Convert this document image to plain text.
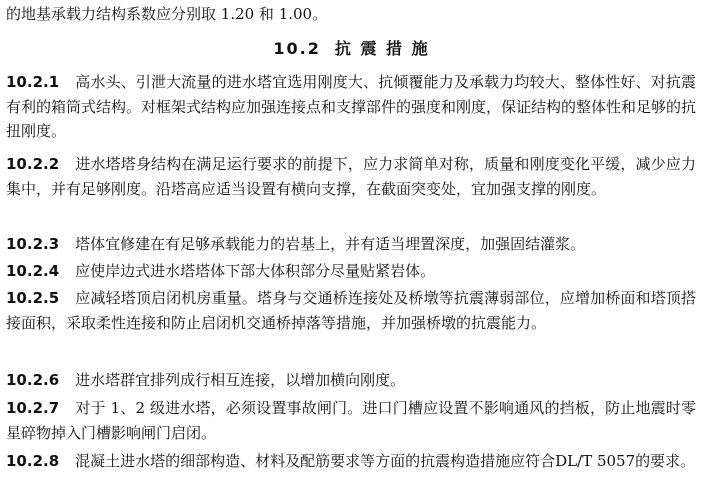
的地基承载力结构系数应分别取 1.20 和 1.00。
10.2 抗 震 措 施
10.2.1 高水头、引泄大流量的进水塔宜选用刚度大、抗倾覆能力及承载力均较大、整体性好、对抗震有利的箱筒式结构。对框架式结构应加强连接点和支撑部件的强度和刚度，保证结构的整体性和足够的抗扭刚度。
10.2.2 进水塔塔身结构在满足运行要求的前提下，应力求简单对称，质量和刚度变化平缓，减少应力集中，并有足够刚度。沿塔高应适当设置有横向支撑，在截面突变处，宜加强支撑的刚度。
10.2.3 塔体宜修建在有足够承载能力的岩基上，并有适当埋置深度，加强固结灌浆。
10.2.4 应使岸边式进水塔塔体下部大体积部分尽量贴紧岩体。
10.2.5 应减轻塔顶启闭机房重量。塔身与交通桥连接处及桥墩等抗震薄弱部位，应增加桥面和塔顶搭接面积，采取柔性连接和防止启闭机交通桥掉落等措施，并加强桥墩的抗震能力。
10.2.6 进水塔群宜排列成行相互连接，以增加横向刚度。
10.2.7 对于 1、2 级进水塔，必须设置事故闸门。进口门槽应设置不影响通风的挡板，防止地震时零星碎物掉入门槽影响闸门启闭。
10.2.8 混凝土进水塔的细部构造、材料及配筋要求等方面的抗震构造措施应符合DL/T 5057的要求。
